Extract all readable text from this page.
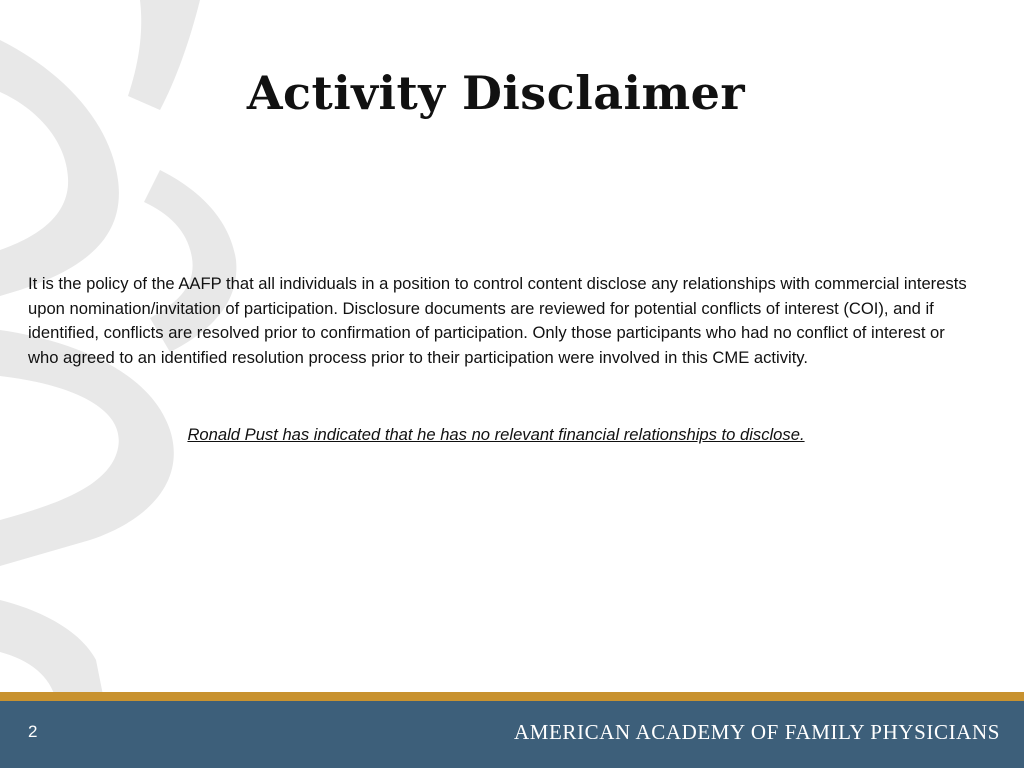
Activity Disclaimer

It is the policy of the AAFP that all individuals in a position to control content disclose any relationships with commercial interests upon nomination/invitation of participation. Disclosure documents are reviewed for potential conflicts of interest (COI), and if identified, conflicts are resolved prior to confirmation of participation. Only those participants who had no conflict of interest or who agreed to an identified resolution process prior to their participation were involved in this CME activity.

Ronald Pust has indicated that he has no relevant financial relationships to disclose.

2	AMERICAN ACADEMY OF FAMILY PHYSICIANS
